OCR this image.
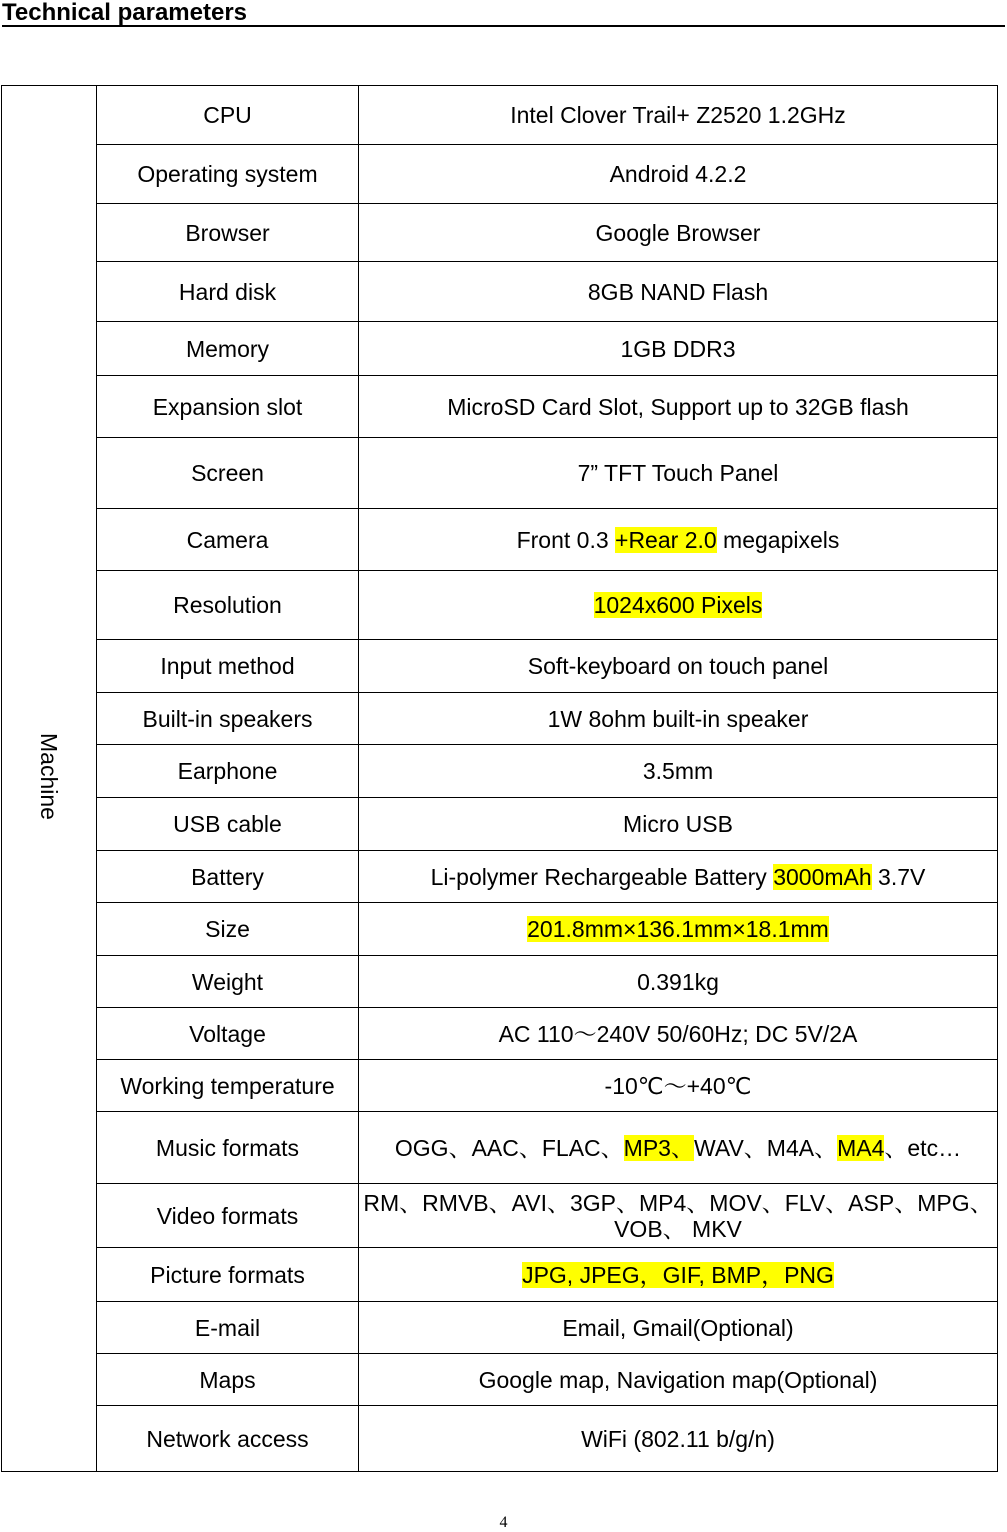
Technical parameters
Machine	CPU	Intel Clover Trail+ Z2520 1.2GHz
	Operating system	Android 4.2.2
	Browser	Google Browser
	Hard disk	8GB NAND Flash
	Memory	1GB DDR3
	Expansion slot	MicroSD Card Slot, Support up to 32GB flash
	Screen	7” TFT Touch Panel
	Camera	Front 0.3 +Rear 2.0 megapixels
	Resolution	1024x600 Pixels
	Input method	Soft-keyboard on touch panel
	Built-in speakers	1W 8ohm built-in speaker
	Earphone	3.5mm
	USB cable	Micro USB
	Battery	Li-polymer Rechargeable Battery 3000mAh 3.7V
	Size	201.8mm×136.1mm×18.1mm
	Weight	0.391kg
	Voltage	AC 110～240V 50/60Hz; DC 5V/2A
	Working temperature	-10℃～+40℃
	Music formats	OGG、AAC、FLAC、MP3、WAV、M4A、MA4、etc…
	Video formats	RM、RMVB、AVI、3GP、MP4、MOV、FLV、ASP、MPG、VOB、 MKV
	Picture formats	JPG, JPEG，GIF, BMP，PNG
	E-mail	Email, Gmail(Optional)
	Maps	Google map, Navigation map(Optional)
	Network access	WiFi (802.11 b/g/n)
4
